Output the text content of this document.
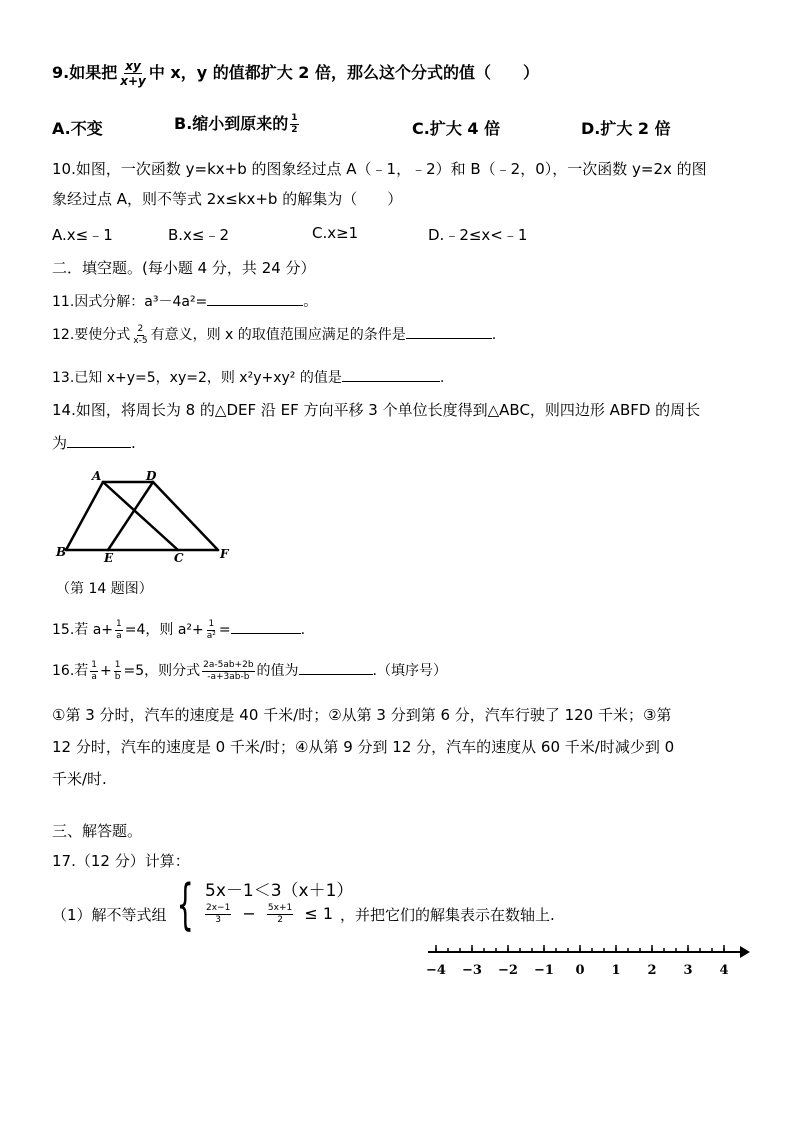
9.如果把 $\frac{xy}{x+y}$ 中 x，y 的值都扩大 2 倍，那么这个分式的值（　　）
A.不变	B.缩小到原来的 $\frac{1}{2}$	C.扩大 4 倍	D.扩大 2 倍
10.如图，一次函数 y=kx+b 的图象经过点 A（﹣1，﹣2）和 B（﹣2，0），一次函数 y=2x 的图
象经过点 A，则不等式 2x≤kx+b 的解集为（　　）
A.x≤﹣1	B.x≤﹣2	C.x≥1	D.﹣2≤x<﹣1
二．填空题。(每小题 4 分，共 24 分）
11.因式分解：a³－4a²=	。
12.要使分式 $\frac{2}{x-5}$ 有意义，则 x 的取值范围应满足的条件是	.
13.已知 x+y=5，xy=2，则 x²y+xy² 的值是	.
14.如图，将周长为 8 的△DEF 沿 EF 方向平移 3 个单位长度得到△ABC，则四边形 ABFD 的周长
为	.
A	D
B	E	C	F
（第 14 题图）
15.若 $a+ \frac{1}{a} =4$，则 $a^2+ \frac{1}{\text{a²}}$ =	.
16.若 $\frac{1}{a} + \frac{1}{b} =5$，则分式 $\frac{2a-5ab+2b}{-a+3ab-b}$ 的值为	.（填序号）
①第 3 分时，汽车的速度是 40 千米/时；②从第 3 分到第 6 分，汽车行驶了 120 千米；③第
12 分时，汽车的速度是 0 千米/时；④从第 9 分到 12 分，汽车的速度从 60 千米/时减少到 0
千米/时.
三、解答题。
17.（12 分）计算：
（1）解不等式组 { 5x－1＜3（x＋1）
$\frac{2x-1}{3} - \frac{5x+1}{2} \le 1$ ，并把它们的解集表示在数轴上.
−4 −3 −2 −1 0 1 2 3 4
